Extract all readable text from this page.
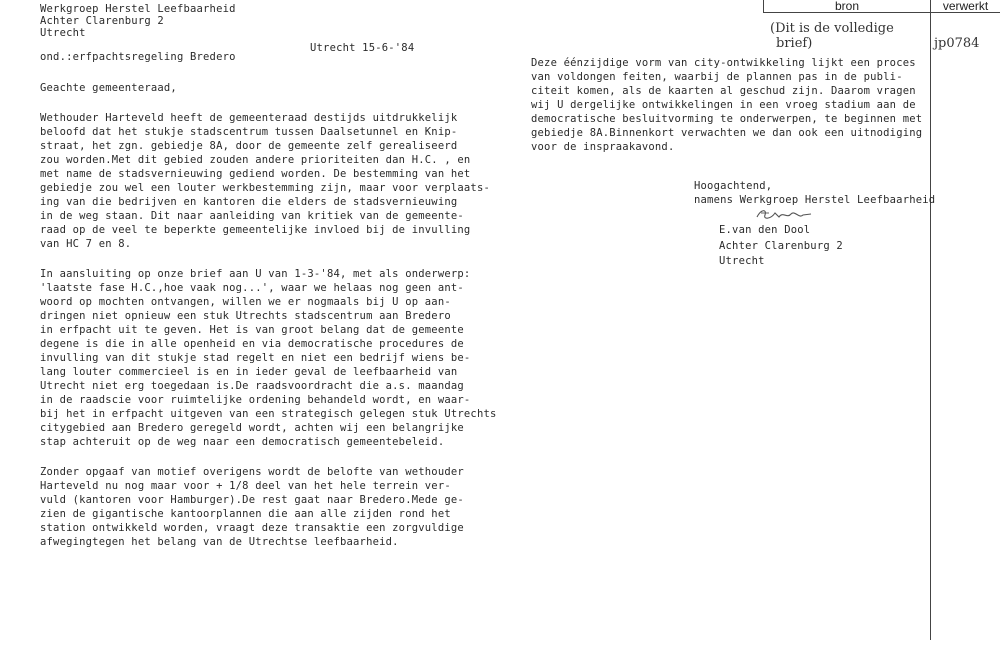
bron	verwerkt
(Dit is de volledige
brief)	jp0784
Werkgroep Herstel Leefbaarheid
Achter Clarenburg 2
Utrecht
Utrecht 15-6-'84
ond.:erfpachtsregeling Bredero
Geachte gemeenteraad,
Wethouder Harteveld heeft de gemeenteraad destijds uitdrukkelijk
beloofd dat het stukje stadscentrum tussen Daalsetunnel en Knip-
straat, het zgn. gebiedje 8A, door de gemeente zelf gerealiseerd
zou worden.Met dit gebied zouden andere prioriteiten dan H.C. , en
met name de stadsvernieuwing gediend worden. De bestemming van het
gebiedje zou wel een louter werkbestemming zijn, maar voor verplaats-
ing van die bedrijven en kantoren die elders de stadsvernieuwing
in de weg staan. Dit naar aanleiding van kritiek van de gemeente-
raad op de veel te beperkte gemeentelijke invloed bij de invulling
van HC 7 en 8.
In aansluiting op onze brief aan U van 1-3-'84, met als onderwerp:
'laatste fase H.C.,hoe vaak nog...', waar we helaas nog geen ant-
woord op mochten ontvangen, willen we er nogmaals bij U op aan-
dringen niet opnieuw een stuk Utrechts stadscentrum aan Bredero
in erfpacht uit te geven. Het is van groot belang dat de gemeente
degene is die in alle openheid en via democratische procedures de
invulling van dit stukje stad regelt en niet een bedrijf wiens be-
lang louter commercieel is en in ieder geval de leefbaarheid van
Utrecht niet erg toegedaan is.De raadsvoordracht die a.s. maandag
in de raadscie voor ruimtelijke ordening behandeld wordt, en waar-
bij het in erfpacht uitgeven van een strategisch gelegen stuk Utrechts
citygebied aan Bredero geregeld wordt, achten wij een belangrijke
stap achteruit op de weg naar een democratisch gemeentebeleid.
Zonder opgaaf van motief overigens wordt de belofte van wethouder
Harteveld nu nog maar voor + 1/8 deel van het hele terrein ver-
vuld (kantoren voor Hamburger).De rest gaat naar Bredero.Mede ge-
zien de gigantische kantoorplannen die aan alle zijden rond het
station ontwikkeld worden, vraagt deze transaktie een zorgvuldige
afwegingtegen het belang van de Utrechtse leefbaarheid.
Deze éénzijdige vorm van city-ontwikkeling lijkt een proces
van voldongen feiten, waarbij de plannen pas in de publi-
citeit komen, als de kaarten al geschud zijn. Daarom vragen
wij U dergelijke ontwikkelingen in een vroeg stadium aan de
democratische besluitvorming te onderwerpen, te beginnen met
gebiedje 8A.Binnenkort verwachten we dan ook een uitnodiging
voor de inspraakavond.
Hoogachtend,
namens Werkgroep Herstel Leefbaarheid
E.van den Dool
Achter Clarenburg 2
Utrecht
